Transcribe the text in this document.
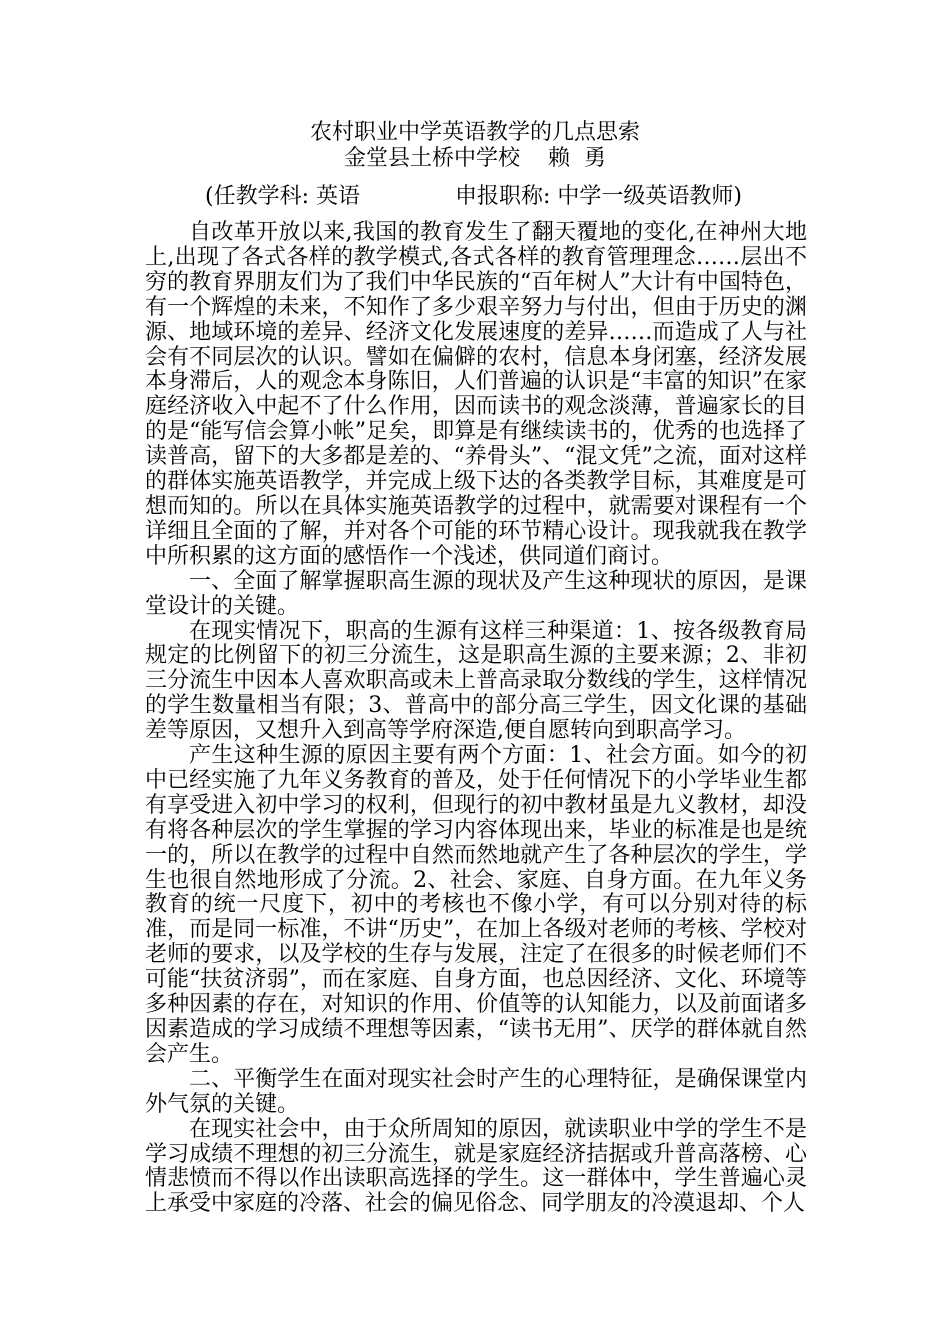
农村职业中学英语教学的几点思索
金堂县土桥中学校    赖  勇
(任教学科: 英语	申报职称: 中学一级英语教师)

自改革开放以来,我国的教育发生了翻天覆地的变化,在神州大地上,出现了各式各样的教学模式,各式各样的教育管理理念……层出不穷的教育界朋友们为了我们中华民族的“百年树人”大计有中国特色，有一个辉煌的未来，不知作了多少艰辛努力与付出，但由于历史的渊源、地域环境的差异、经济文化发展速度的差异……而造成了人与社会有不同层次的认识。譬如在偏僻的农村，信息本身闭塞，经济发展本身滞后，人的观念本身陈旧，人们普遍的认识是“丰富的知识”在家庭经济收入中起不了什么作用，因而读书的观念淡薄，普遍家长的目的是“能写信会算小帐”足矣，即算是有继续读书的，优秀的也选择了读普高，留下的大多都是差的、“养骨头”、“混文凭”之流，面对这样的群体实施英语教学，并完成上级下达的各类教学目标，其难度是可想而知的。所以在具体实施英语教学的过程中，就需要对课程有一个详细且全面的了解，并对各个可能的环节精心设计。现我就我在教学中所积累的这方面的感悟作一个浅述，供同道们商讨。

一、全面了解掌握职高生源的现状及产生这种现状的原因，是课堂设计的关键。

在现实情况下，职高的生源有这样三种渠道：1、按各级教育局规定的比例留下的初三分流生，这是职高生源的主要来源；2、非初三分流生中因本人喜欢职高或未上普高录取分数线的学生，这样情况的学生数量相当有限；3、普高中的部分高三学生，因文化课的基础差等原因，又想升入到高等学府深造,便自愿转向到职高学习。

产生这种生源的原因主要有两个方面：1、社会方面。如今的初中已经实施了九年义务教育的普及，处于任何情况下的小学毕业生都有享受进入初中学习的权利，但现行的初中教材虽是九义教材，却没有将各种层次的学生掌握的学习内容体现出来，毕业的标准是也是统一的，所以在教学的过程中自然而然地就产生了各种层次的学生，学生也很自然地形成了分流。2、社会、家庭、自身方面。在九年义务教育的统一尺度下，初中的考核也不像小学，有可以分别对待的标准，而是同一标准，不讲“历史”，在加上各级对老师的考核、学校对老师的要求，以及学校的生存与发展，注定了在很多的时候老师们不可能“扶贫济弱”，而在家庭、自身方面，也总因经济、文化、环境等多种因素的存在，对知识的作用、价值等的认知能力，以及前面诸多因素造成的学习成绩不理想等因素，“读书无用”、厌学的群体就自然会产生。

二、平衡学生在面对现实社会时产生的心理特征，是确保课堂内外气氛的关键。

在现实社会中，由于众所周知的原因，就读职业中学的学生不是学习成绩不理想的初三分流生，就是家庭经济拮据或升普高落榜、心情悲愤而不得以作出读职高选择的学生。这一群体中，学生普遍心灵上承受中家庭的冷落、社会的偏见俗念、同学朋友的冷漠退却、个人
